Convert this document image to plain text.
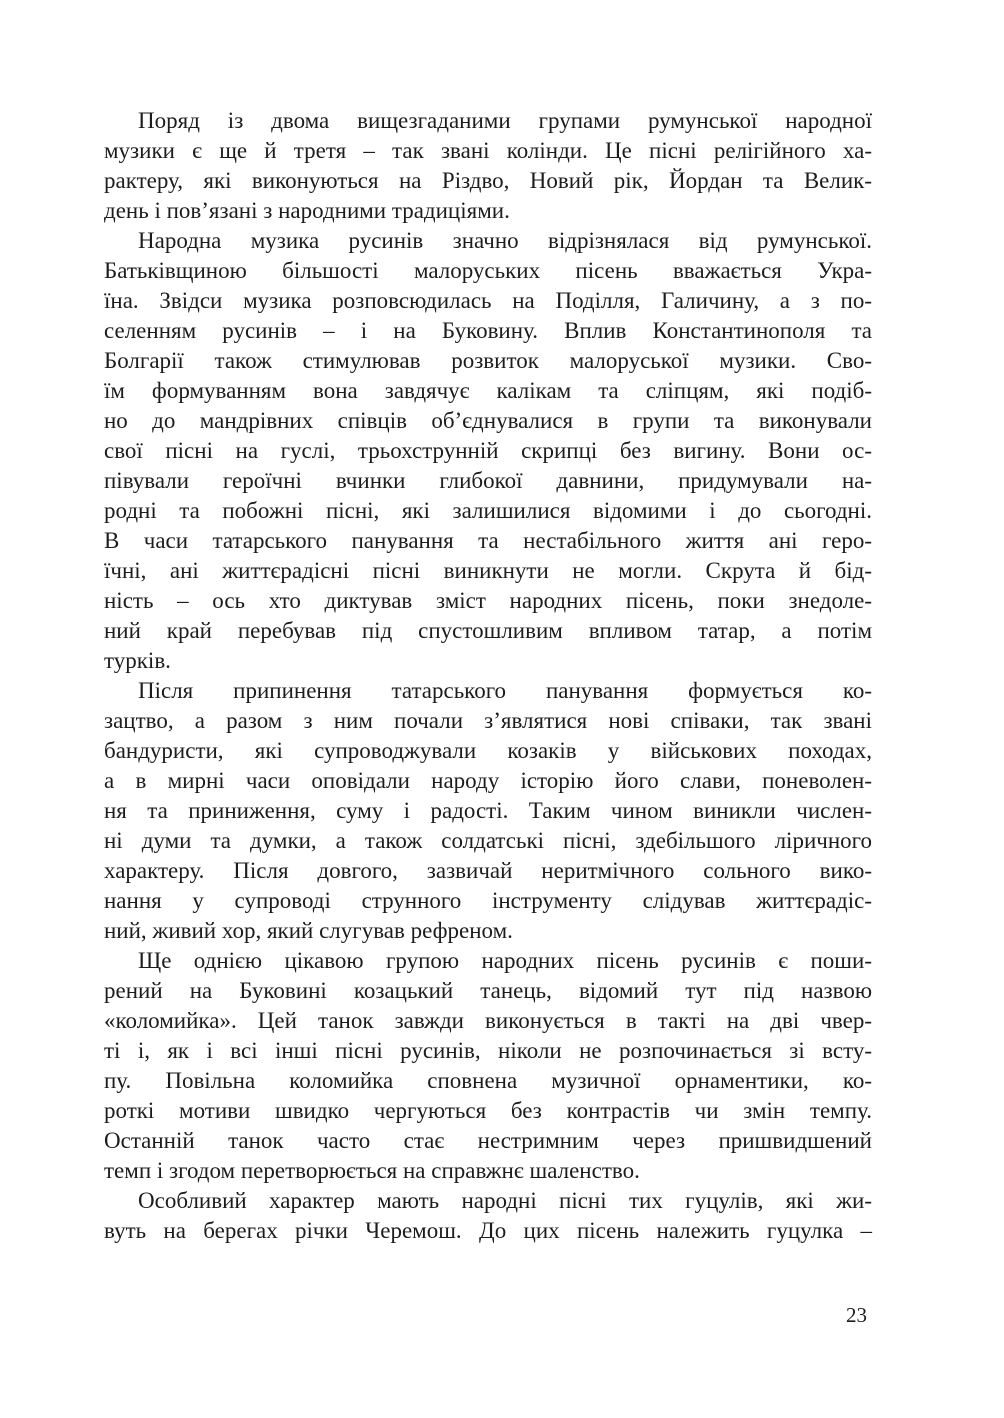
Поряд із двома вищезгаданими групами румунської народної
музики є ще й третя – так звані колінди. Це пісні релігійного ха-
рактеру, які виконуються на Різдво, Новий рік, Йордан та Велик-
день і пов’язані з народними традиціями.
Народна музика русинів значно відрізнялася від румунської.
Батьківщиною більшості малоруських пісень вважається Укра-
їна. Звідси музика розповсюдилась на Поділля, Галичину, а з по-
селенням русинів – і на Буковину. Вплив Константинополя та
Болгарії також стимулював розвиток малоруської музики. Сво-
їм формуванням вона завдячує калікам та сліпцям, які подіб-
но до мандрівних співців об’єднувалися в групи та виконували
свої пісні на гуслі, трьохструнній скрипці без вигину. Вони ос-
півували героїчні вчинки глибокої давнини, придумували на-
родні та побожні пісні, які залишилися відомими і до сьогодні.
В часи татарського панування та нестабільного життя ані геро-
їчні, ані життєрадісні пісні виникнути не могли. Скрута й бід-
ність – ось хто диктував зміст народних пісень, поки знедоле-
ний край перебував під спустошливим впливом татар, а потім
турків.
Після припинення татарського панування формується ко-
зацтво, а разом з ним почали з’являтися нові співаки, так звані
бандуристи, які супроводжували козаків у військових походах,
а в мирні часи оповідали народу історію його слави, поневолен-
ня та приниження, суму і радості. Таким чином виникли числен-
ні думи та думки, а також солдатські пісні, здебільшого ліричного
характеру. Після довгого, зазвичай неритмічного сольного вико-
нання у супроводі струнного інструменту слідував життєрадіс-
ний, живий хор, який слугував рефреном.
Ще однією цікавою групою народних пісень русинів є поши-
рений на Буковині козацький танець, відомий тут під назвою
«коломийка». Цей танок завжди виконується в такті на дві чвер-
ті і, як і всі інші пісні русинів, ніколи не розпочинається зі всту-
пу. Повільна коломийка сповнена музичної орнаментики, ко-
роткі мотиви швидко чергуються без контрастів чи змін темпу.
Останній танок часто стає нестримним через пришвидшений
темп і згодом перетворюється на справжнє шаленство.
Особливий характер мають народні пісні тих гуцулів, які жи-
вуть на берегах річки Черемош. До цих пісень належить гуцулка –
23
